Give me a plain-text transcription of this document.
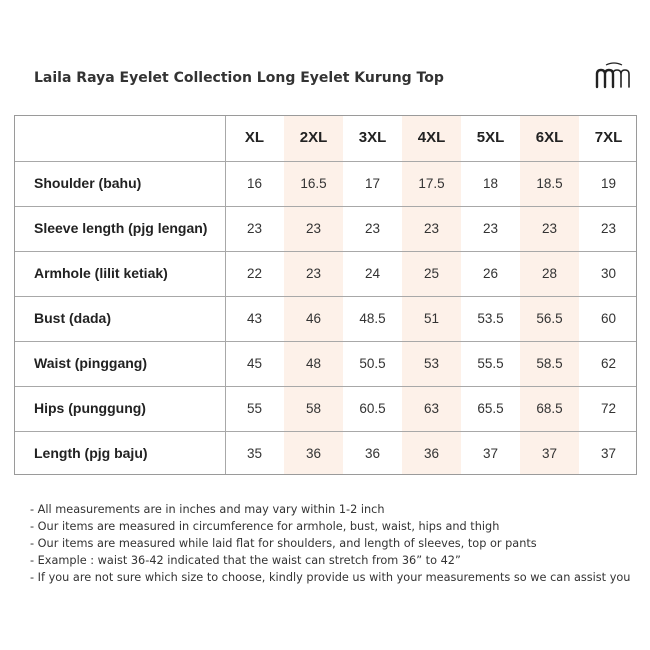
Laila Raya Eyelet Collection Long Eyelet Kurung Top
XL	2XL	3XL	4XL	5XL	6XL	7XL
Shoulder (bahu)	16	16.5	17	17.5	18	18.5	19
Sleeve length (pjg lengan)	23	23	23	23	23	23	23
Armhole (lilit ketiak)	22	23	24	25	26	28	30
Bust (dada)	43	46	48.5	51	53.5	56.5	60
Waist (pinggang)	45	48	50.5	53	55.5	58.5	62
Hips (punggung)	55	58	60.5	63	65.5	68.5	72
Length (pjg baju)	35	36	36	36	37	37	37
- All measurements are in inches and may vary within 1-2 inch
- Our items are measured in circumference for armhole, bust, waist, hips and thigh
- Our items are measured while laid flat for shoulders, and length of sleeves, top or pants
- Example : waist 36-42 indicated that the waist can stretch from 36” to 42”
- If you are not sure which size to choose, kindly provide us with your measurements so we can assist you
